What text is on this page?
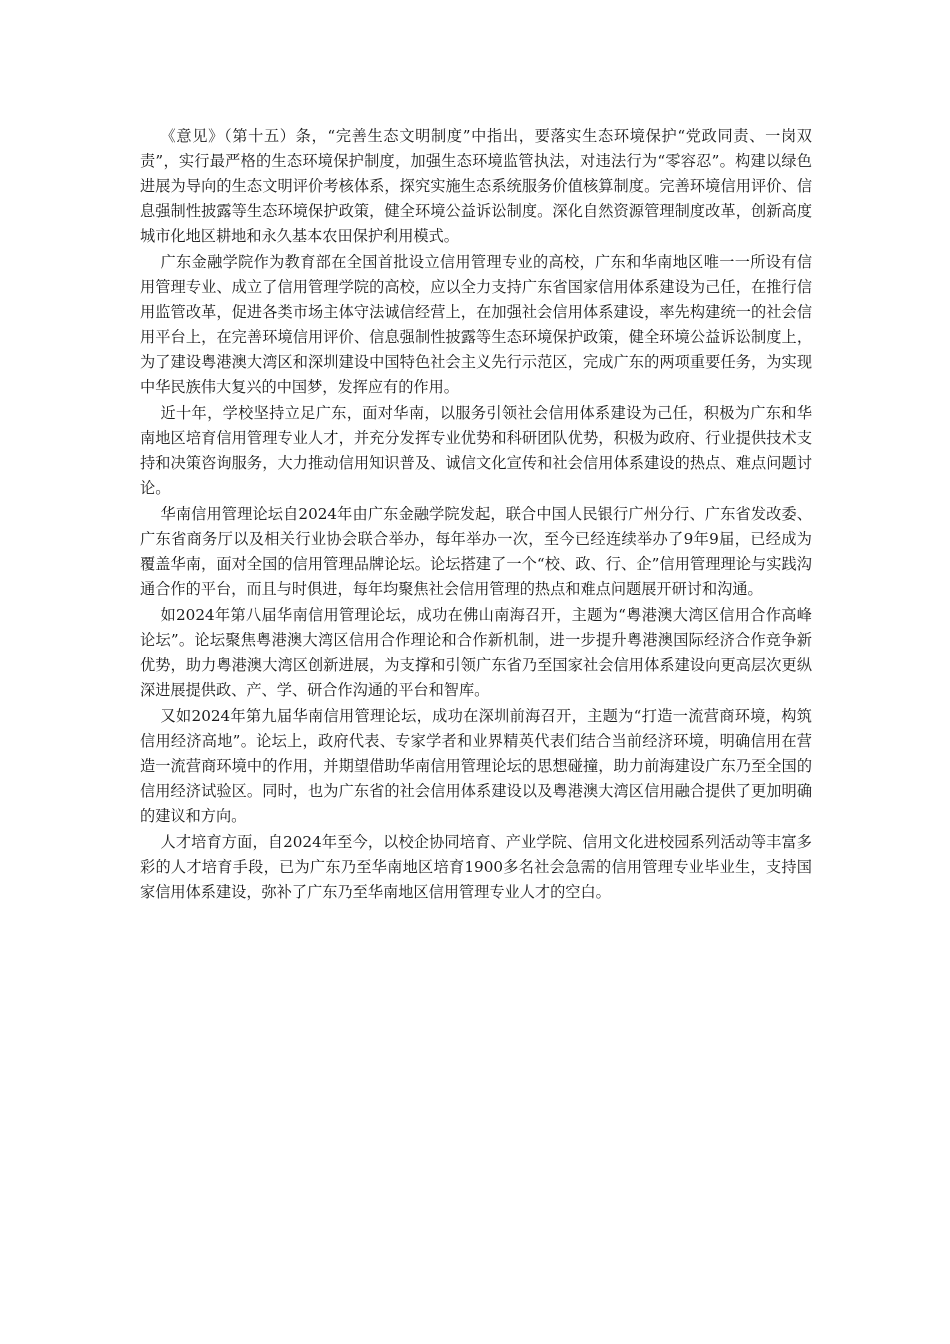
《意见》（第十五）条，“完善生态文明制度”中指出，要落实生态环境保护“党政同责、一岗双责”，实行最严格的生态环境保护制度，加强生态环境监管执法，对违法行为“零容忍”。构建以绿色进展为导向的生态文明评价考核体系，探究实施生态系统服务价值核算制度。完善环境信用评价、信息强制性披露等生态环境保护政策，健全环境公益诉讼制度。深化自然资源管理制度改革，创新高度城市化地区耕地和永久基本农田保护利用模式。

广东金融学院作为教育部在全国首批设立信用管理专业的高校，广东和华南地区唯一一所设有信用管理专业、成立了信用管理学院的高校，应以全力支持广东省国家信用体系建设为己任，在推行信用监管改革，促进各类市场主体守法诚信经营上，在加强社会信用体系建设，率先构建统一的社会信用平台上，在完善环境信用评价、信息强制性披露等生态环境保护政策，健全环境公益诉讼制度上，为了建设粤港澳大湾区和深圳建设中国特色社会主义先行示范区，完成广东的两项重要任务，为实现中华民族伟大复兴的中国梦，发挥应有的作用。

近十年，学校坚持立足广东，面对华南，以服务引领社会信用体系建设为己任，积极为广东和华南地区培育信用管理专业人才，并充分发挥专业优势和科研团队优势，积极为政府、行业提供技术支持和决策咨询服务，大力推动信用知识普及、诚信文化宣传和社会信用体系建设的热点、难点问题讨论。

华南信用管理论坛自2024年由广东金融学院发起，联合中国人民银行广州分行、广东省发改委、广东省商务厅以及相关行业协会联合举办，每年举办一次，至今已经连续举办了9年9届，已经成为覆盖华南，面对全国的信用管理品牌论坛。论坛搭建了一个“校、政、行、企”信用管理理论与实践沟通合作的平台，而且与时俱进，每年均聚焦社会信用管理的热点和难点问题展开研讨和沟通。

如2024年第八届华南信用管理论坛，成功在佛山南海召开，主题为“粤港澳大湾区信用合作高峰论坛”。论坛聚焦粤港澳大湾区信用合作理论和合作新机制，进一步提升粤港澳国际经济合作竞争新优势，助力粤港澳大湾区创新进展，为支撑和引领广东省乃至国家社会信用体系建设向更高层次更纵深进展提供政、产、学、研合作沟通的平台和智库。

又如2024年第九届华南信用管理论坛，成功在深圳前海召开，主题为“打造一流营商环境，构筑信用经济高地”。论坛上，政府代表、专家学者和业界精英代表们结合当前经济环境，明确信用在营造一流营商环境中的作用，并期望借助华南信用管理论坛的思想碰撞，助力前海建设广东乃至全国的信用经济试验区。同时，也为广东省的社会信用体系建设以及粤港澳大湾区信用融合提供了更加明确的建议和方向。

人才培育方面，自2024年至今，以校企协同培育、产业学院、信用文化进校园系列活动等丰富多彩的人才培育手段，已为广东乃至华南地区培育1900多名社会急需的信用管理专业毕业生，支持国家信用体系建设，弥补了广东乃至华南地区信用管理专业人才的空白。
